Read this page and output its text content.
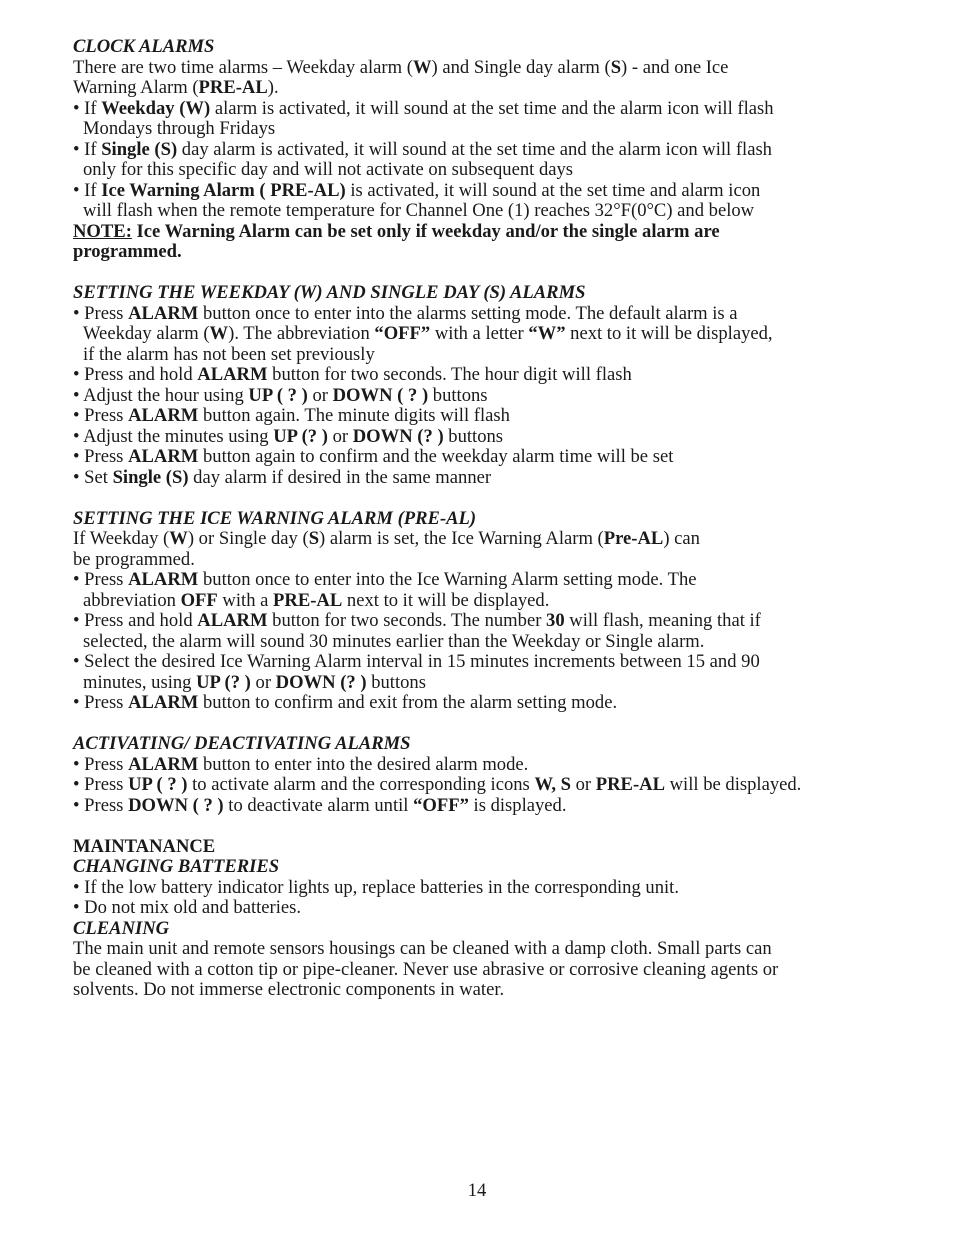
CLOCK ALARMS
There are two time alarms – Weekday alarm (W) and Single day alarm (S) - and one Ice
Warning Alarm (PRE-AL).
• If Weekday (W) alarm is activated, it will sound at the set time and the alarm icon will flash
Mondays through Fridays
• If Single (S) day alarm is activated, it will sound at the set time and the alarm icon will flash
only for this specific day and will not activate on subsequent days
• If Ice Warning Alarm ( PRE-AL) is activated, it will sound at the set time and alarm icon
will flash when the remote temperature for Channel One (1) reaches 32°F(0°C) and below
NOTE: Ice Warning Alarm can be set only if weekday and/or the single alarm are
programmed.
SETTING THE WEEKDAY (W) AND SINGLE DAY (S) ALARMS
• Press ALARM button once to enter into the alarms setting mode. The default alarm is a
Weekday alarm (W). The abbreviation “OFF” with a letter “W” next to it will be displayed,
if the alarm has not been set previously
• Press and hold ALARM button for two seconds. The hour digit will flash
• Adjust the hour using UP ( ? ) or DOWN ( ? ) buttons
• Press ALARM button again. The minute digits will flash
• Adjust the minutes using UP (? ) or DOWN (? ) buttons
• Press ALARM button again to confirm and the weekday alarm time will be set
• Set Single (S) day alarm if desired in the same manner
SETTING THE ICE WARNING ALARM (PRE-AL)
If Weekday (W) or Single day (S) alarm is set, the Ice Warning Alarm (Pre-AL) can
be programmed.
• Press ALARM button once to enter into the Ice Warning Alarm setting mode. The
abbreviation OFF with a PRE-AL next to it will be displayed.
• Press and hold ALARM button for two seconds. The number 30 will flash, meaning that if
selected, the alarm will sound 30 minutes earlier than the Weekday or Single alarm.
• Select the desired Ice Warning Alarm interval in 15 minutes increments between 15 and 90
minutes, using UP (? ) or DOWN (? ) buttons
• Press ALARM button to confirm and exit from the alarm setting mode.
ACTIVATING/ DEACTIVATING ALARMS
• Press ALARM button to enter into the desired alarm mode.
• Press UP ( ? ) to activate alarm and the corresponding icons W, S or PRE-AL will be displayed.
• Press DOWN ( ? ) to deactivate alarm until “OFF” is displayed.
MAINTANANCE
CHANGING BATTERIES
• If the low battery indicator lights up, replace batteries in the corresponding unit.
• Do not mix old and batteries.
CLEANING
The main unit and remote sensors housings can be cleaned with a damp cloth. Small parts can
be cleaned with a cotton tip or pipe-cleaner. Never use abrasive or corrosive cleaning agents or
solvents. Do not immerse electronic components in water.
14
